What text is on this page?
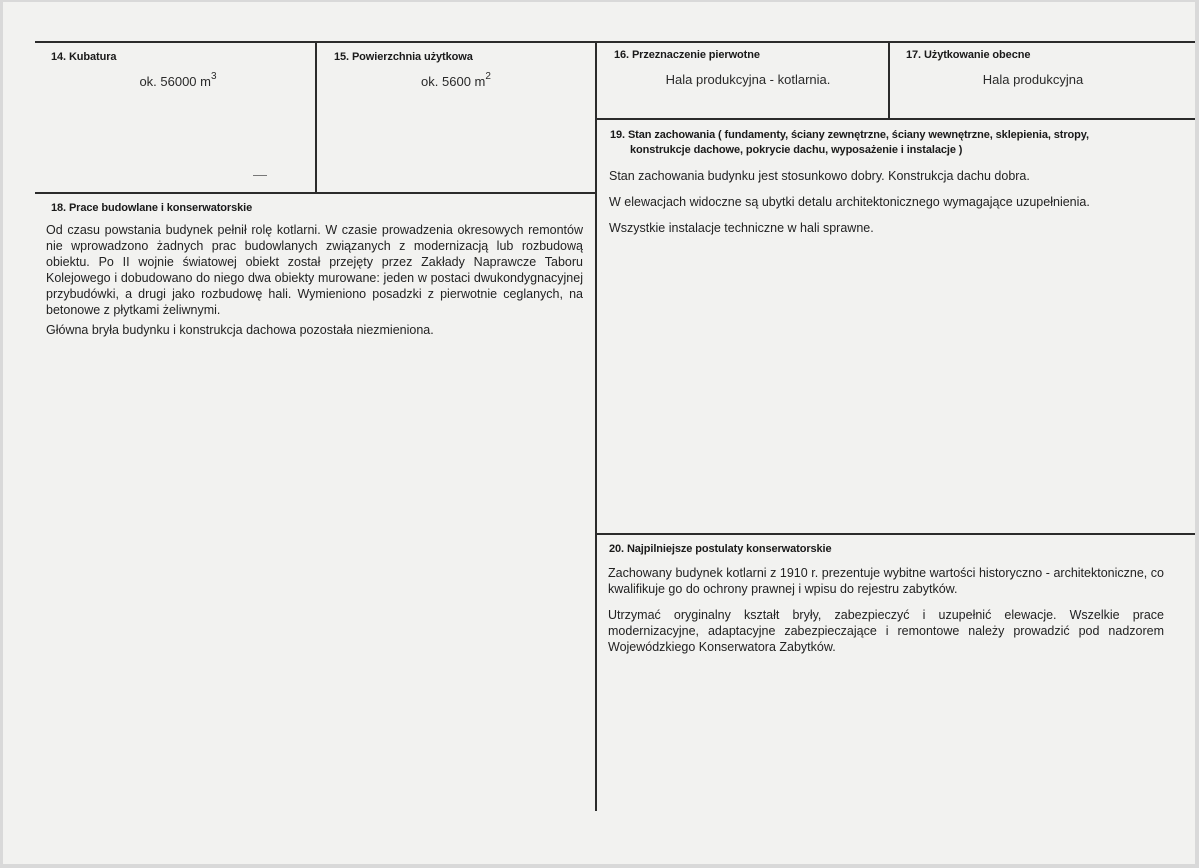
14. Kubatura
ok. 56000 $m^3$
15. Powierzchnia użytkowa
ok. 5600 $m^2$
16. Przeznaczenie pierwotne
Hala produkcyjna - kotlarnia.
17. Użytkowanie obecne
Hala produkcyjna
18. Prace budowlane i konserwatorskie

Od czasu powstania budynek pełnił rolę kotlarni. W czasie prowadzenia okresowych remontów nie wprowadzono żadnych prac budowlanych związanych z modernizacją lub rozbudową obiektu. Po II wojnie światowej obiekt został przejęty przez Zakłady Naprawcze Taboru Kolejowego i dobudowano do niego dwa obiekty murowane: jeden w postaci dwukondygnacyjnej przybudówki, a drugi jako rozbudowę hali. Wymieniono posadzki z pierwotnie ceglanych, na betonowe z płytkami żeliwnymi.

Główna bryła budynku i konstrukcja dachowa pozostała niezmieniona.

19. Stan zachowania ( fundamenty, ściany zewnętrzne, ściany wewnętrzne, sklepienia, stropy,
konstrukcje dachowe, pokrycie dachu, wyposażenie i instalacje )

Stan zachowania budynku jest stosunkowo dobry. Konstrukcja dachu dobra.

W elewacjach widoczne są ubytki detalu architektonicznego wymagające uzupełnienia.

Wszystkie instalacje techniczne w hali sprawne.

20. Najpilniejsze postulaty konserwatorskie

Zachowany budynek kotlarni z 1910 r. prezentuje wybitne wartości historyczno - architektoniczne, co kwalifikuje go do ochrony prawnej i wpisu do rejestru zabytków.

Utrzymać oryginalny kształt bryły, zabezpieczyć i uzupełnić elewacje. Wszelkie prace modernizacyjne, adaptacyjne zabezpieczające i remontowe należy prowadzić pod nadzorem Wojewódzkiego Konserwatora Zabytków.
